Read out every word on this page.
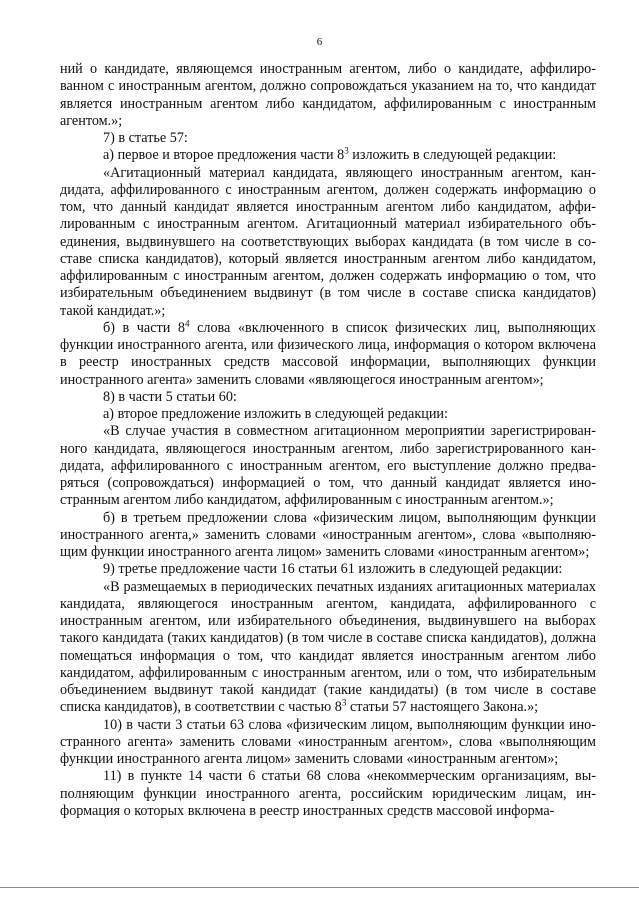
6

ний о кандидате, являющемся иностранным агентом, либо о кандидате, аффилированном с иностранным агентом, должно сопровождаться указанием на то, что кандидат является иностранным агентом либо кандидатом, аффилированным с иностранным агентом.»;

7) в статье 57:

а) первое и второе предложения части $8^3$ изложить в следующей редакции:

«Агитационный материал кандидата, являющего иностранным агентом, кандидата, аффилированного с иностранным агентом, должен содержать информацию о том, что данный кандидат является иностранным агентом либо кандидатом, аффилированным с иностранным агентом. Агитационный материал избирательного объединения, выдвинувшего на соответствующих выборах кандидата (в том числе в составе списка кандидатов), который является иностранным агентом либо кандидатом, аффилированным с иностранным агентом, должен содержать информацию о том, что избирательным объединением выдвинут (в том числе в составе списка кандидатов) такой кандидат.»;

б) в части $8^4$ слова «включенного в список физических лиц, выполняющих функции иностранного агента, или физического лица, информация о котором включена в реестр иностранных средств массовой информации, выполняющих функции иностранного агента» заменить словами «являющегося иностранным агентом»;

8) в части 5 статьи 60:

а) второе предложение изложить в следующей редакции:

«В случае участия в совместном агитационном мероприятии зарегистрированного кандидата, являющегося иностранным агентом, либо зарегистрированного кандидата, аффилированного с иностранным агентом, его выступление должно предваряться (сопровождаться) информацией о том, что данный кандидат является иностранным агентом либо кандидатом, аффилированным с иностранным агентом.»;

б) в третьем предложении слова «физическим лицом, выполняющим функции иностранного агента,» заменить словами «иностранным агентом», слова «выполняющим функции иностранного агента лицом» заменить словами «иностранным агентом»;

9) третье предложение части 16 статьи 61 изложить в следующей редакции:

«В размещаемых в периодических печатных изданиях агитационных материалах кандидата, являющегося иностранным агентом, кандидата, аффилированного с иностранным агентом, или избирательного объединения, выдвинувшего на выборах такого кандидата (таких кандидатов) (в том числе в составе списка кандидатов), должна помещаться информация о том, что кандидат является иностранным агентом либо кандидатом, аффилированным с иностранным агентом, или о том, что избирательным объединением выдвинут такой кандидат (такие кандидаты) (в том числе в составе списка кандидатов), в соответствии с частью $8^3$ статьи 57 настоящего Закона.»;

10) в части 3 статьи 63 слова «физическим лицом, выполняющим функции иностранного агента» заменить словами «иностранным агентом», слова «выполняющим функции иностранного агента лицом» заменить словами «иностранным агентом»;

11) в пункте 14 части 6 статьи 68 слова «некоммерческим организациям, выполняющим функции иностранного агента, российским юридическим лицам, информация о которых включена в реестр иностранных средств массовой информа-
